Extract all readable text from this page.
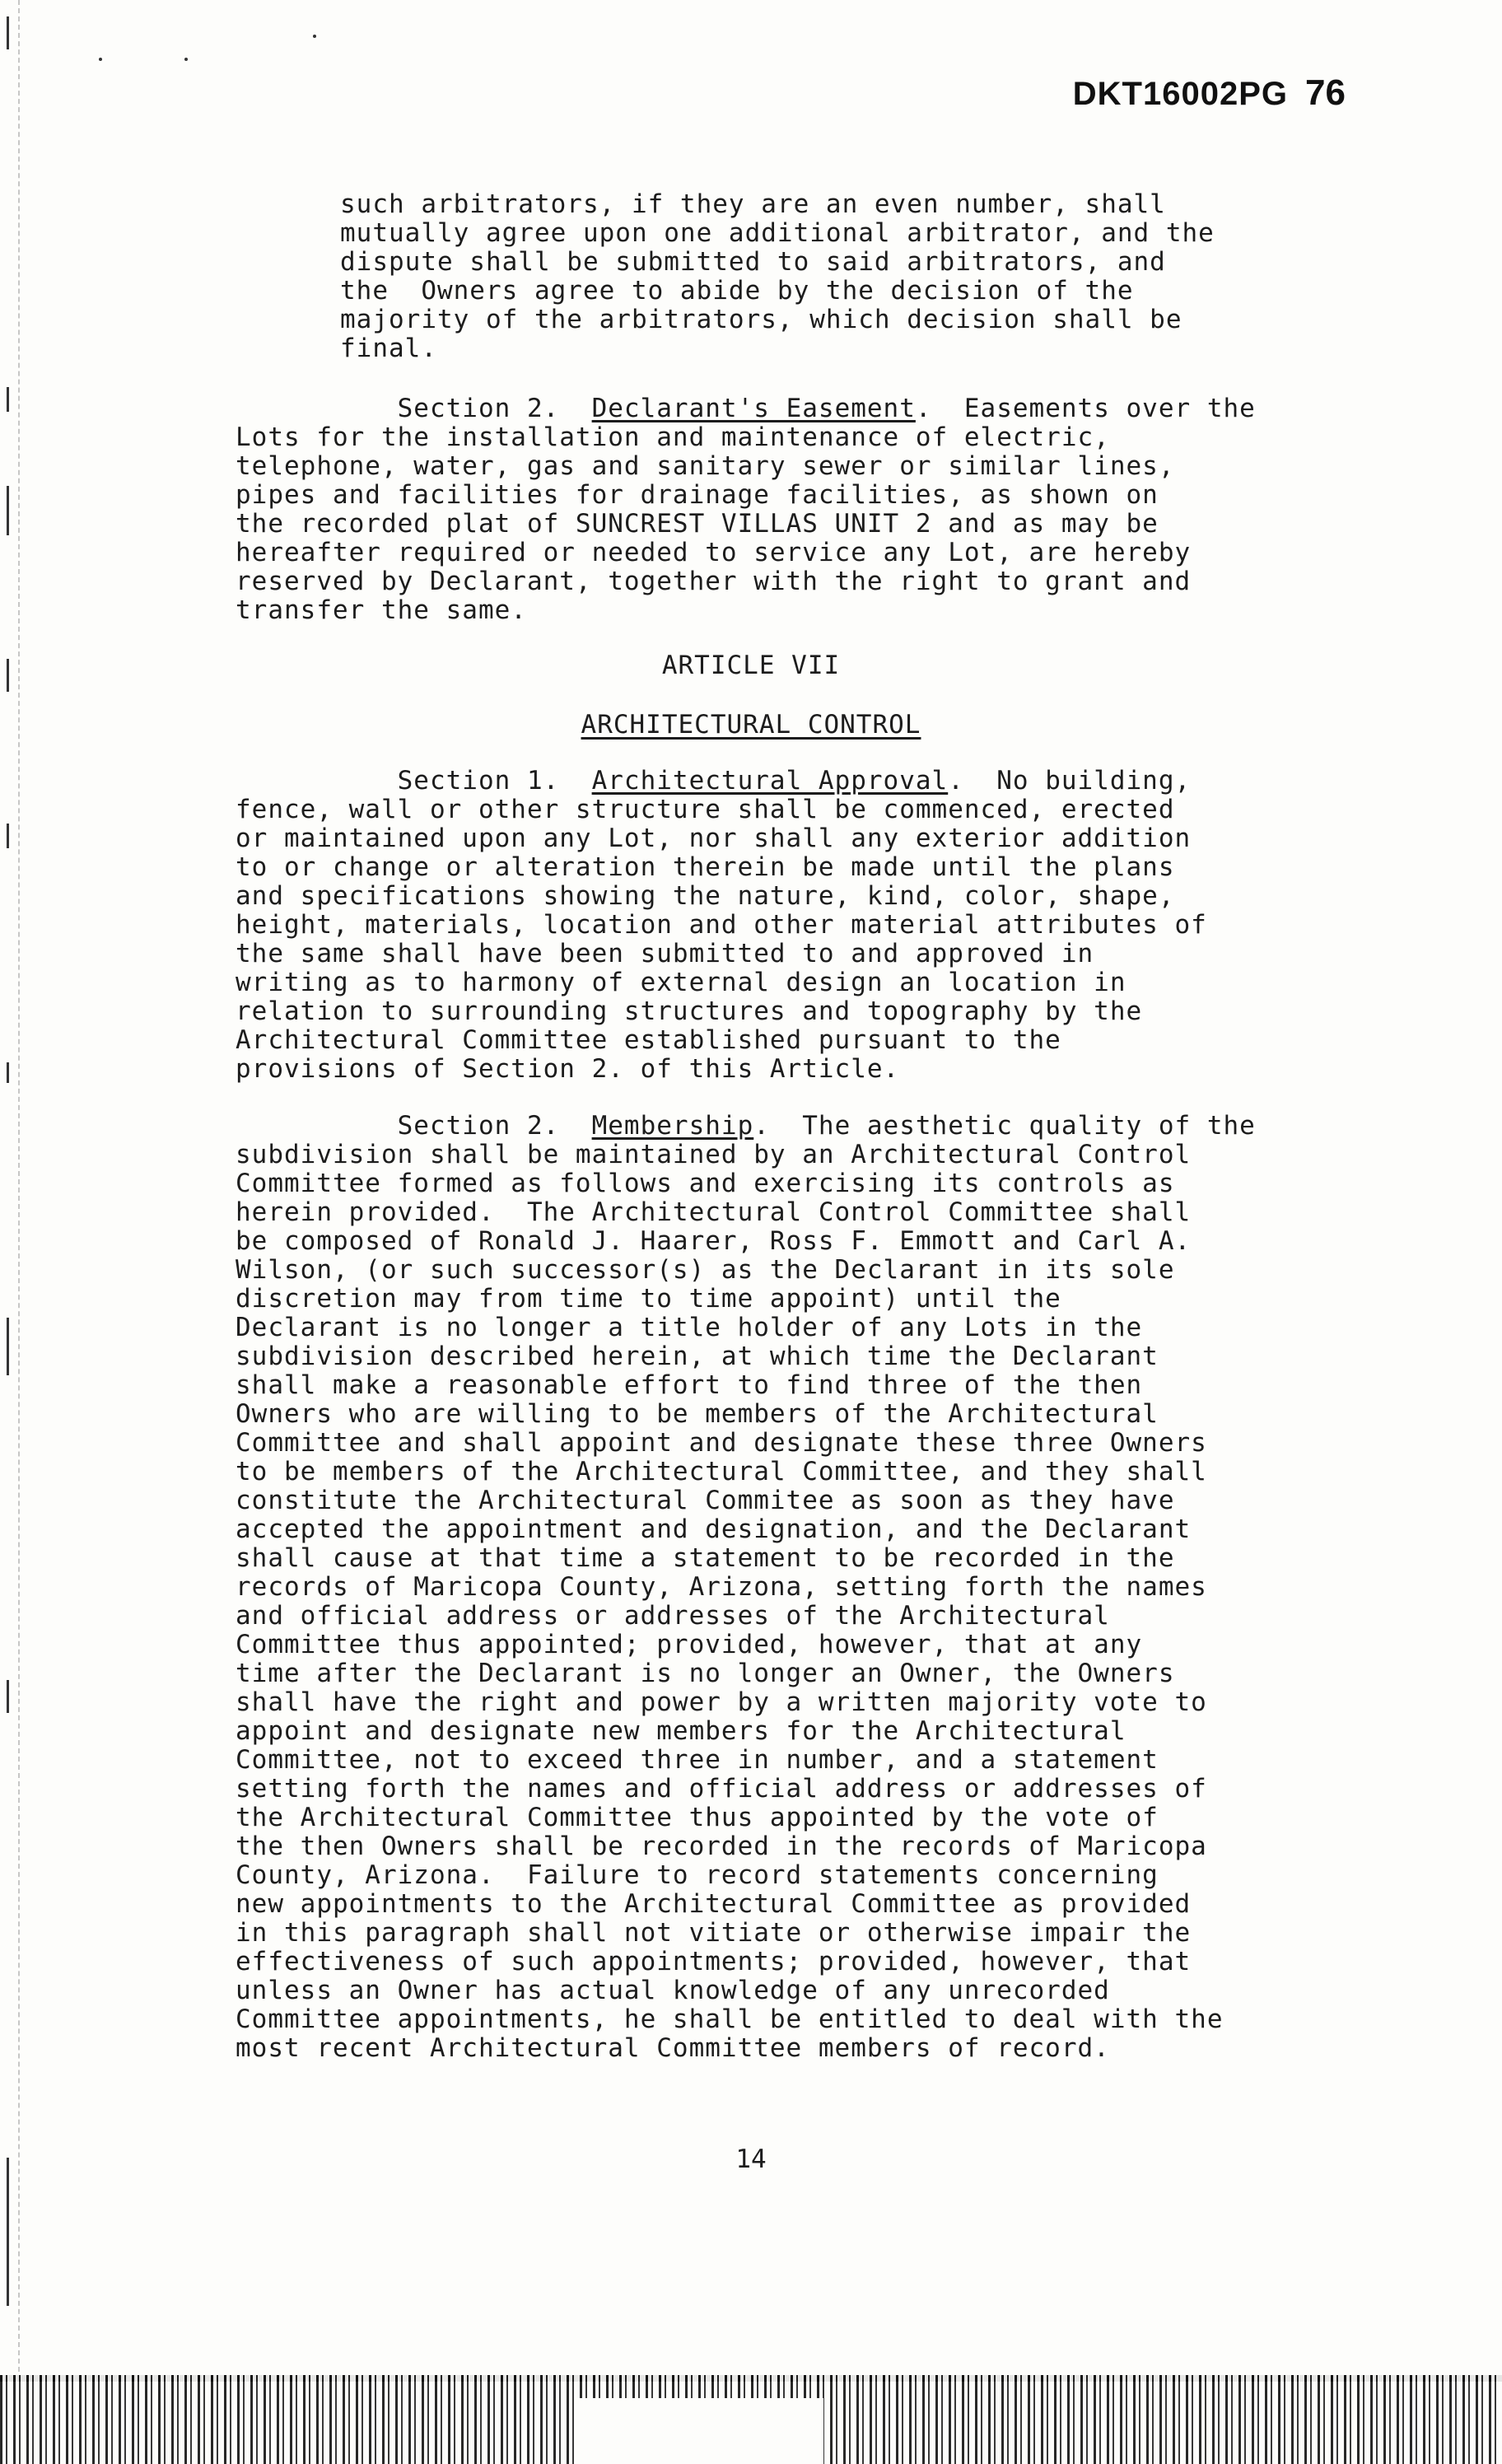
DKT16002PG 76
such arbitrators, if they are an even number, shall
mutually agree upon one additional arbitrator, and the
dispute shall be submitted to said arbitrators, and
the  Owners agree to abide by the decision of the
majority of the arbitrators, which decision shall be
final.
Section 2.  Declarant's Easement.  Easements over the
Lots for the installation and maintenance of electric,
telephone, water, gas and sanitary sewer or similar lines,
pipes and facilities for drainage facilities, as shown on
the recorded plat of SUNCREST VILLAS UNIT 2 and as may be
hereafter required or needed to service any Lot, are hereby
reserved by Declarant, together with the right to grant and
transfer the same.
ARTICLE VII
ARCHITECTURAL CONTROL
Section 1.  Architectural Approval.  No building,
fence, wall or other structure shall be commenced, erected
or maintained upon any Lot, nor shall any exterior addition
to or change or alteration therein be made until the plans
and specifications showing the nature, kind, color, shape,
height, materials, location and other material attributes of
the same shall have been submitted to and approved in
writing as to harmony of external design an location in
relation to surrounding structures and topography by the
Architectural Committee established pursuant to the
provisions of Section 2. of this Article.
Section 2.  Membership.  The aesthetic quality of the
subdivision shall be maintained by an Architectural Control
Committee formed as follows and exercising its controls as
herein provided.  The Architectural Control Committee shall
be composed of Ronald J. Haarer, Ross F. Emmott and Carl A.
Wilson, (or such successor(s) as the Declarant in its sole
discretion may from time to time appoint) until the
Declarant is no longer a title holder of any Lots in the
subdivision described herein, at which time the Declarant
shall make a reasonable effort to find three of the then
Owners who are willing to be members of the Architectural
Committee and shall appoint and designate these three Owners
to be members of the Architectural Committee, and they shall
constitute the Architectural Commitee as soon as they have
accepted the appointment and designation, and the Declarant
shall cause at that time a statement to be recorded in the
records of Maricopa County, Arizona, setting forth the names
and official address or addresses of the Architectural
Committee thus appointed; provided, however, that at any
time after the Declarant is no longer an Owner, the Owners
shall have the right and power by a written majority vote to
appoint and designate new members for the Architectural
Committee, not to exceed three in number, and a statement
setting forth the names and official address or addresses of
the Architectural Committee thus appointed by the vote of
the then Owners shall be recorded in the records of Maricopa
County, Arizona.  Failure to record statements concerning
new appointments to the Architectural Committee as provided
in this paragraph shall not vitiate or otherwise impair the
effectiveness of such appointments; provided, however, that
unless an Owner has actual knowledge of any unrecorded
Committee appointments, he shall be entitled to deal with the
most recent Architectural Committee members of record.
14
